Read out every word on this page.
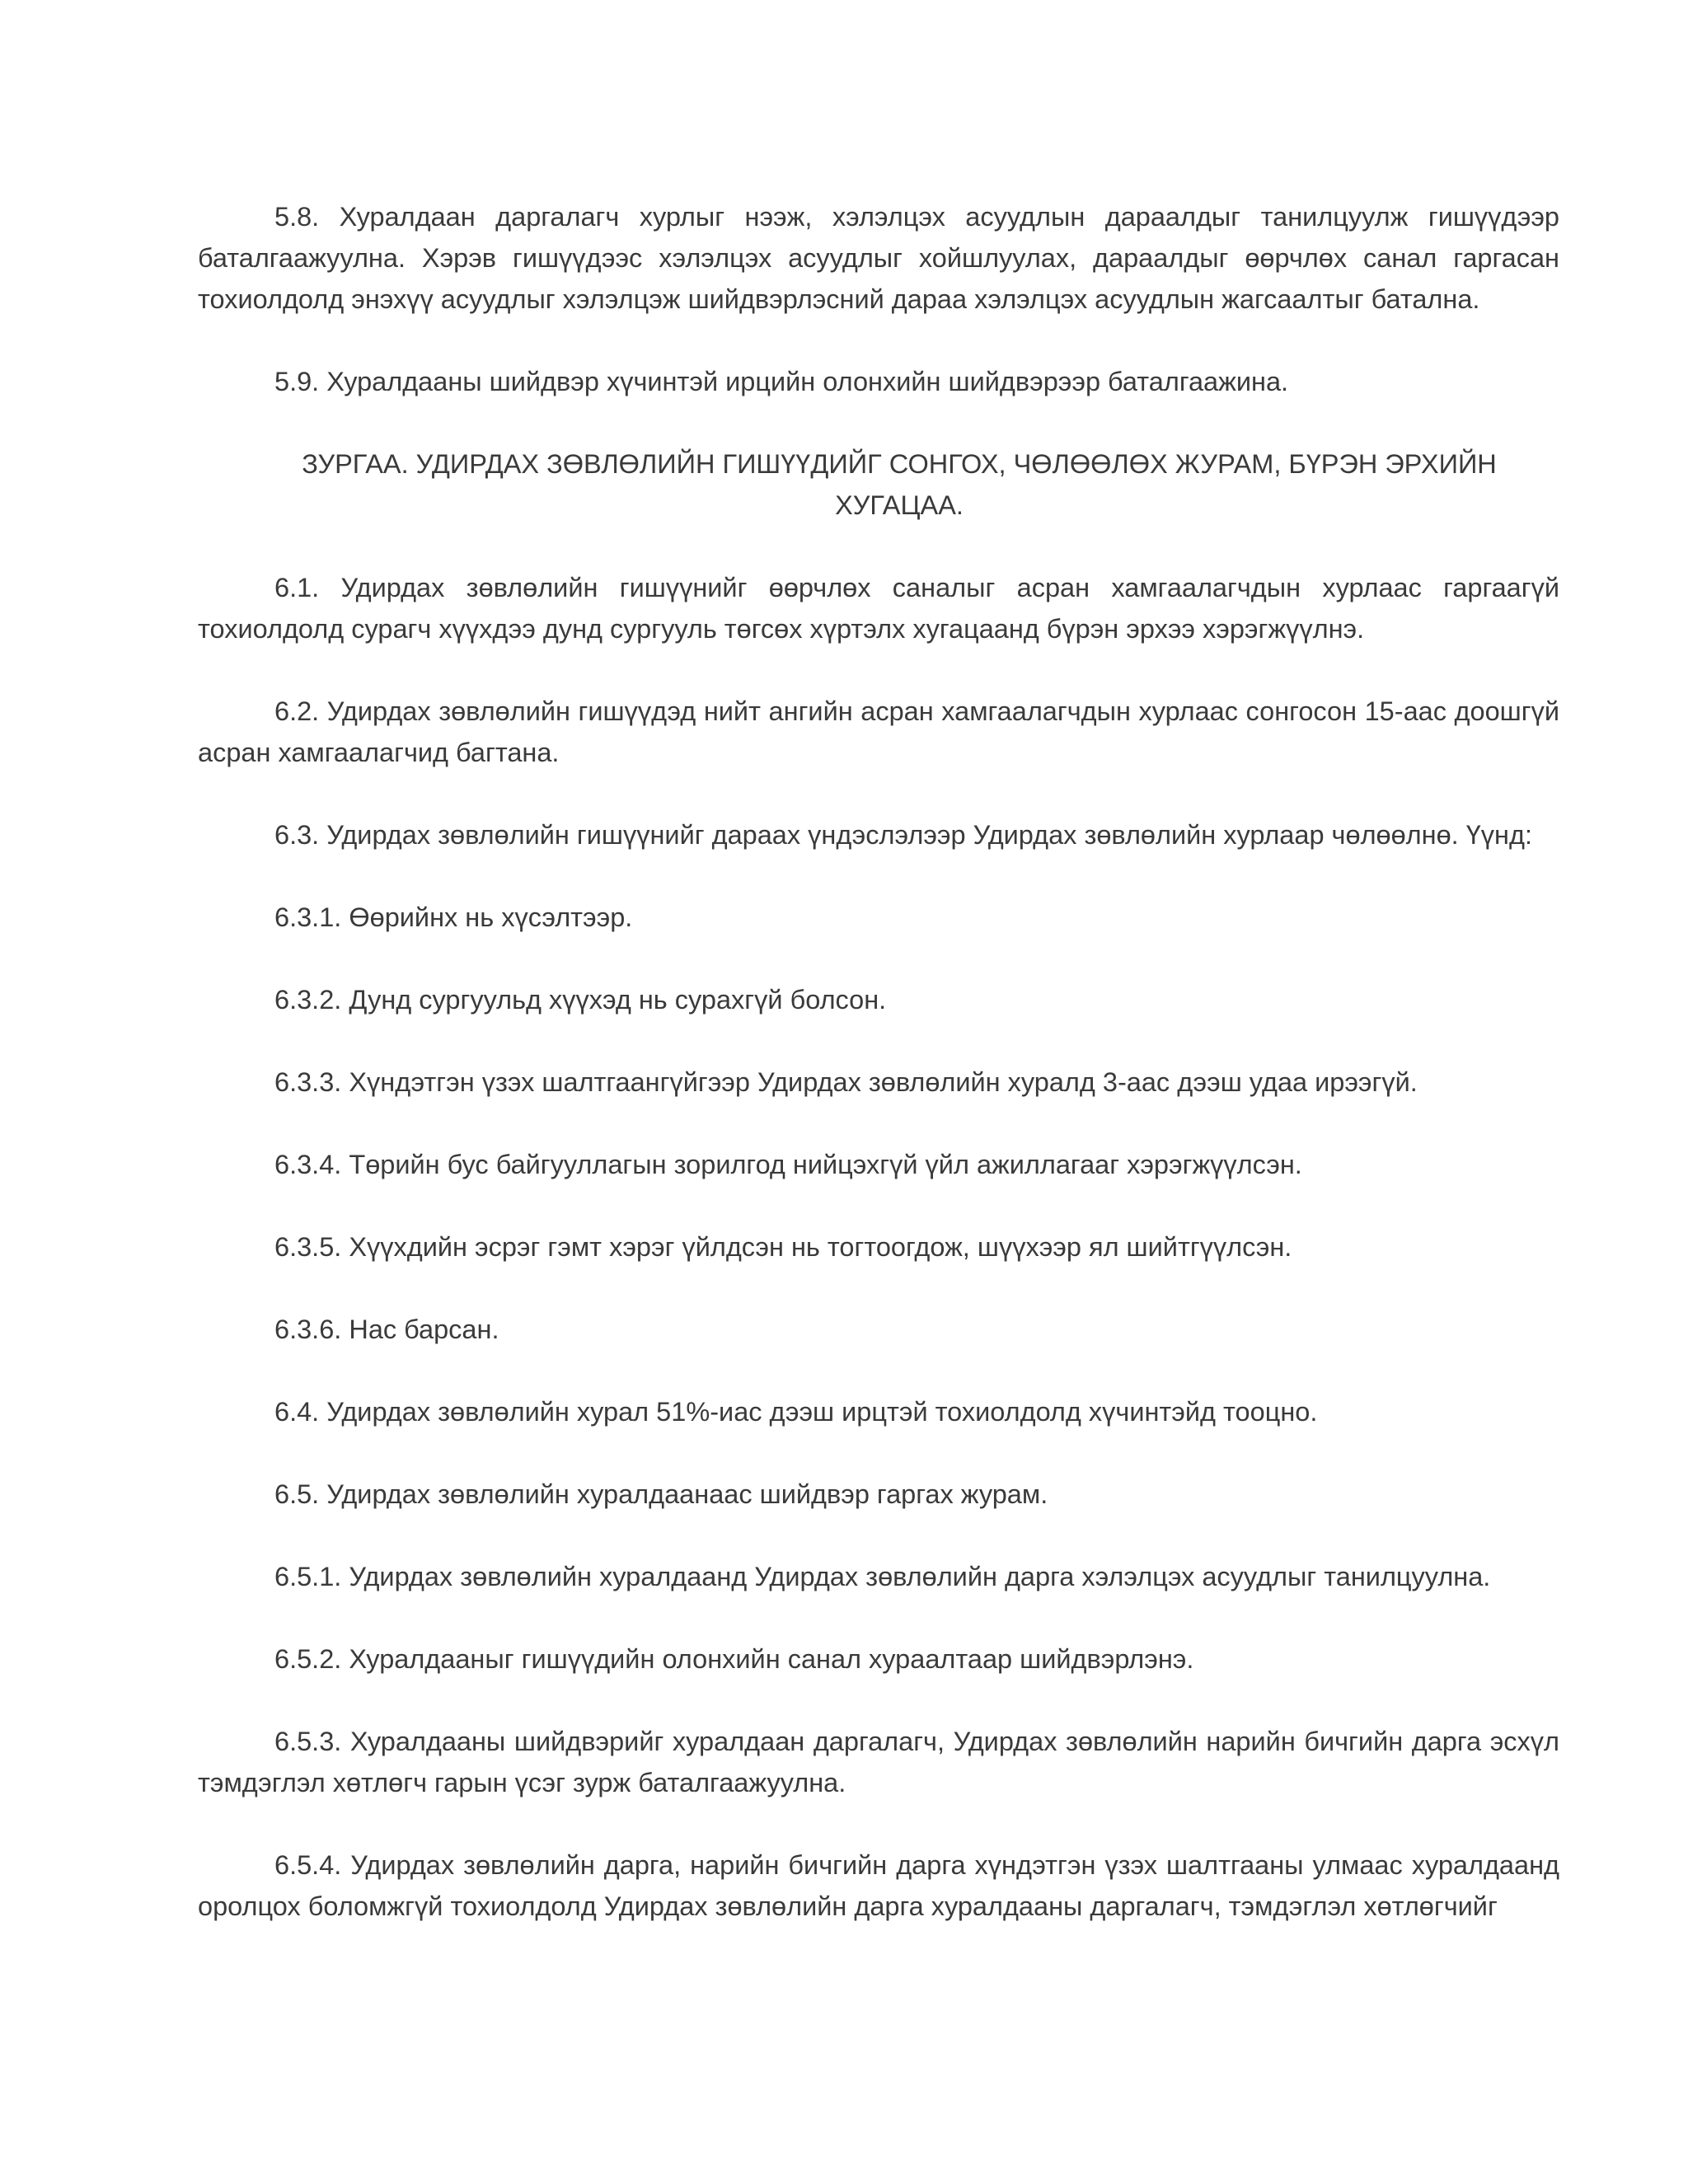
5.8. Хуралдаан даргалагч хурлыг нээж, хэлэлцэх асуудлын дараалдыг танилцуулж гишүүдээр баталгаажуулна. Хэрэв гишүүдээс хэлэлцэх асуудлыг хойшлуулах, дараалдыг өөрчлөх санал гаргасан тохиолдолд энэхүү асуудлыг хэлэлцэж шийдвэрлэсний дараа хэлэлцэх асуудлын жагсаалтыг батална.

5.9. Хуралдааны шийдвэр хүчинтэй ирцийн олонхийн шийдвэрээр баталгаажина.

ЗУРГАА. УДИРДАХ ЗӨВЛӨЛИЙН ГИШҮҮДИЙГ СОНГОХ, ЧӨЛӨӨЛӨХ ЖУРАМ, БҮРЭН ЭРХИЙН ХУГАЦАА.

6.1. Удирдах зөвлөлийн гишүүнийг өөрчлөх саналыг асран хамгаалагчдын хурлаас гаргаагүй тохиолдолд сурагч хүүхдээ дунд сургууль төгсөх хүртэлх хугацаанд бүрэн эрхээ хэрэгжүүлнэ.

6.2. Удирдах зөвлөлийн гишүүдэд нийт ангийн асран хамгаалагчдын хурлаас сонгосон 15-аас доошгүй асран хамгаалагчид багтана.

6.3. Удирдах зөвлөлийн гишүүнийг дараах үндэслэлээр Удирдах зөвлөлийн хурлаар чөлөөлнө. Үүнд:

6.3.1. Өөрийнх нь хүсэлтээр.

6.3.2. Дунд сургуульд хүүхэд нь сурахгүй болсон.

6.3.3. Хүндэтгэн үзэх шалтгаангүйгээр Удирдах зөвлөлийн хуралд 3-аас дээш удаа ирээгүй.

6.3.4. Төрийн бус байгууллагын зорилгод нийцэхгүй үйл ажиллагааг хэрэгжүүлсэн.

6.3.5. Хүүхдийн эсрэг гэмт хэрэг үйлдсэн нь тогтоогдож, шүүхээр ял шийтгүүлсэн.

6.3.6. Нас барсан.

6.4. Удирдах зөвлөлийн хурал 51%-иас дээш ирцтэй тохиолдолд хүчинтэйд тооцно.

6.5. Удирдах зөвлөлийн хуралдаанаас шийдвэр гаргах журам.

6.5.1. Удирдах зөвлөлийн хуралдаанд Удирдах зөвлөлийн дарга хэлэлцэх асуудлыг танилцуулна.

6.5.2. Хуралдааныг гишүүдийн олонхийн санал хураалтаар шийдвэрлэнэ.

6.5.3. Хуралдааны шийдвэрийг хуралдаан даргалагч, Удирдах зөвлөлийн нарийн бичгийн дарга эсхүл тэмдэглэл хөтлөгч гарын үсэг зурж баталгаажуулна.

6.5.4. Удирдах зөвлөлийн дарга, нарийн бичгийн дарга хүндэтгэн үзэх шалтгааны улмаас хуралдаанд оролцох боломжгүй тохиолдолд Удирдах зөвлөлийн дарга хуралдааны даргалагч, тэмдэглэл хөтлөгчийг
